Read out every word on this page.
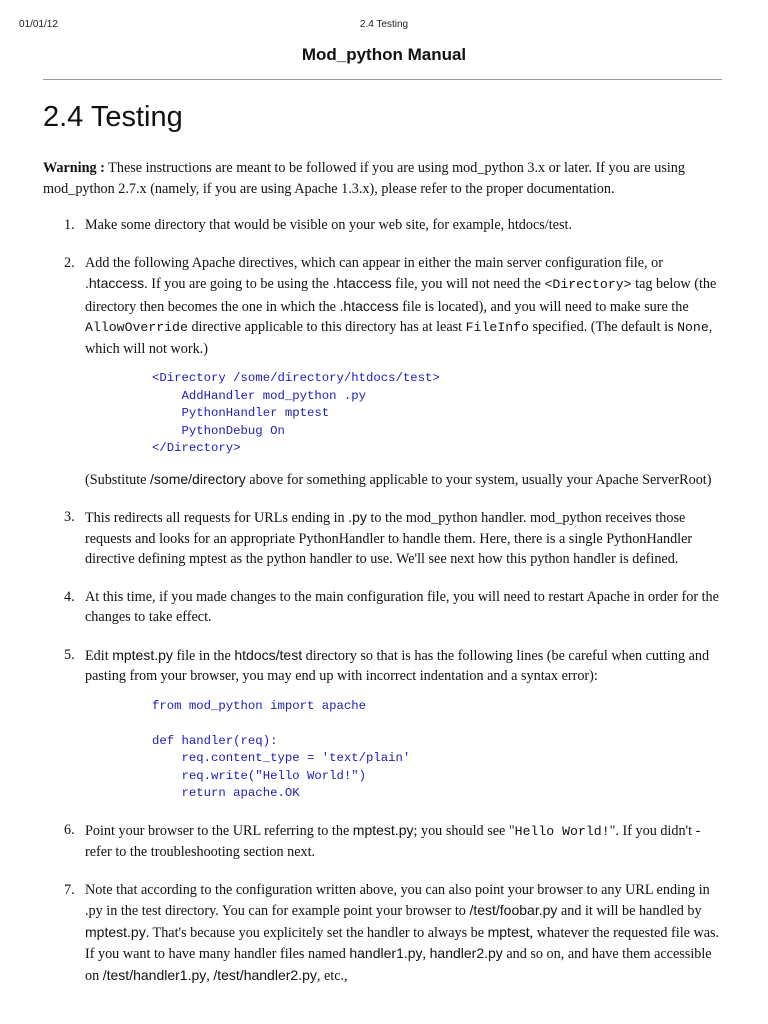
01/01/12	2.4 Testing
Mod_python Manual
2.4 Testing

Warning : These instructions are meant to be followed if you are using mod_python 3.x or later. If you are using mod_python 2.7.x (namely, if you are using Apache 1.3.x), please refer to the proper documentation.

1. Make some directory that would be visible on your web site, for example, htdocs/test.
2. Add the following Apache directives, which can appear in either the main server configuration file, or .htaccess. If you are going to be using the .htaccess file, you will not need the <Directory> tag below (the directory then becomes the one in which the .htaccess file is located), and you will need to make sure the AllowOverride directive applicable to this directory has at least FileInfo specified. (The default is None, which will not work.)
<Directory /some/directory/htdocs/test>
AddHandler mod_python .py
PythonHandler mptest
PythonDebug On
</Directory>

(Substitute /some/directory above for something applicable to your system, usually your Apache ServerRoot)

3. This redirects all requests for URLs ending in .py to the mod_python handler. mod_python receives those requests and looks for an appropriate PythonHandler to handle them. Here, there is a single PythonHandler directive defining mptest as the python handler to use. We'll see next how this python handler is defined.
4. At this time, if you made changes to the main configuration file, you will need to restart Apache in order for the changes to take effect.
5. Edit mptest.py file in the htdocs/test directory so that is has the following lines (be careful when cutting and pasting from your browser, you may end up with incorrect indentation and a syntax error):
from mod_python import apache

def handler(req):
req.content_type = 'text/plain'
req.write("Hello World!")
return apache.OK
6. Point your browser to the URL referring to the mptest.py; you should see "Hello World!". If you didn't - refer to the troubleshooting section next.
7. Note that according to the configuration written above, you can also point your browser to any URL ending in .py in the test directory. You can for example point your browser to /test/foobar.py and it will be handled by mptest.py. That's because you explicitely set the handler to always be mptest, whatever the requested file was. If you want to have many handler files named handler1.py, handler2.py and so on, and have them accessible on /test/handler1.py, /test/handler2.py, etc.,
